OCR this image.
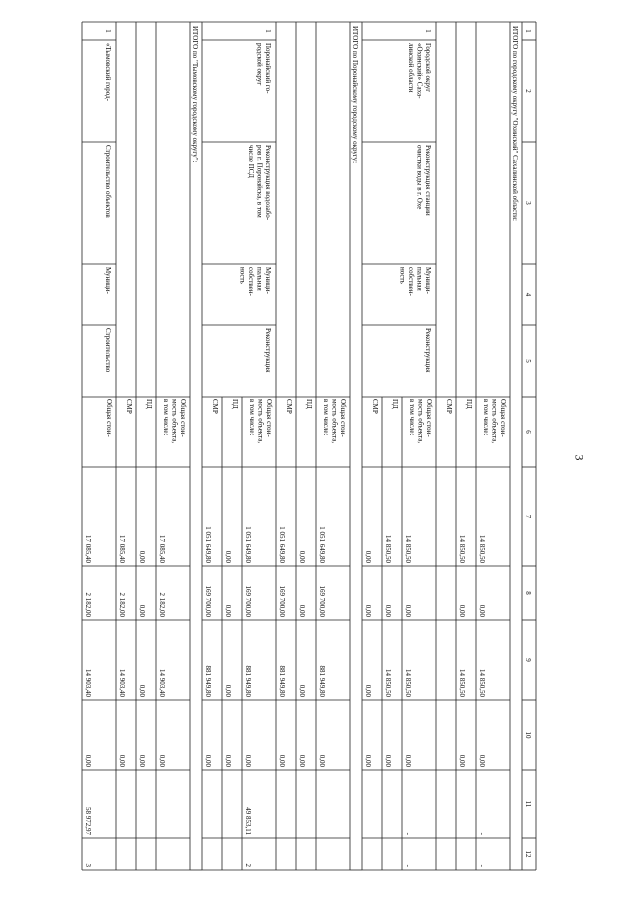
3
1
2
3
4
5
6
7
8
9
10
11
12
ИТОГО по городскому округу "Охинский" Сахалинской области:
Общая стои-
мость объекта,
в том числе:
14 850,50
0,00
14 850,50
0,00
-
-
ПД
14 850,50
0,00
14 850,50
0,00
СМР
1
Городской округ
«Охинский» Саха-
линской области
Реконструкция станции
очистки воды в г. Охе
Муници-
пальная
собствен-
ность
Реконструкция
Общая стои-
мость объекта,
в том числе:
14 850,50
0,00
14 850,50
0,00
-
-
ПД
14 850,50
0,00
14 850,50
0,00
СМР
0,00
0,00
0,00
0,00
ИТОГО по Поронайскому городскому округу:
Общая стои-
мость объекта,
в том числе:
1 051 649,80
169 700,00
881 949,80
0,00
ПД
0,00
0,00
0,00
0,00
СМР
1 051 649,80
169 700,00
881 949,80
0,00
1
Поронайский го-
родской округ
Реконструкция водозабо-
ров г. Поронайска, в том
числе ПСД
Муници-
пальная
собствен-
ность
Реконструкция
Общая стои-
мость объекта,
в том числе:
1 051 649,80
169 700,00
881 949,80
0,00
49 853,11
2
ПД
0,00
0,00
0,00
0,00
СМР
1 051 649,80
169 700,00
881 949,80
0,00
ИТОГО по "Тымовскому городскому округу":
Общая стои-
мость объекта,
в том числе:
17 085,40
2 182,00
14 903,40
0,00
ПД
0,00
0,00
0,00
0,00
СМР
17 085,40
2 182,00
14 903,40
0,00
1
«Тымовский город-
Строительство объектов
Муници-
Строительство
Общая стои-
17 085,40
2 182,00
14 903,40
0,00
58 972,97
3
